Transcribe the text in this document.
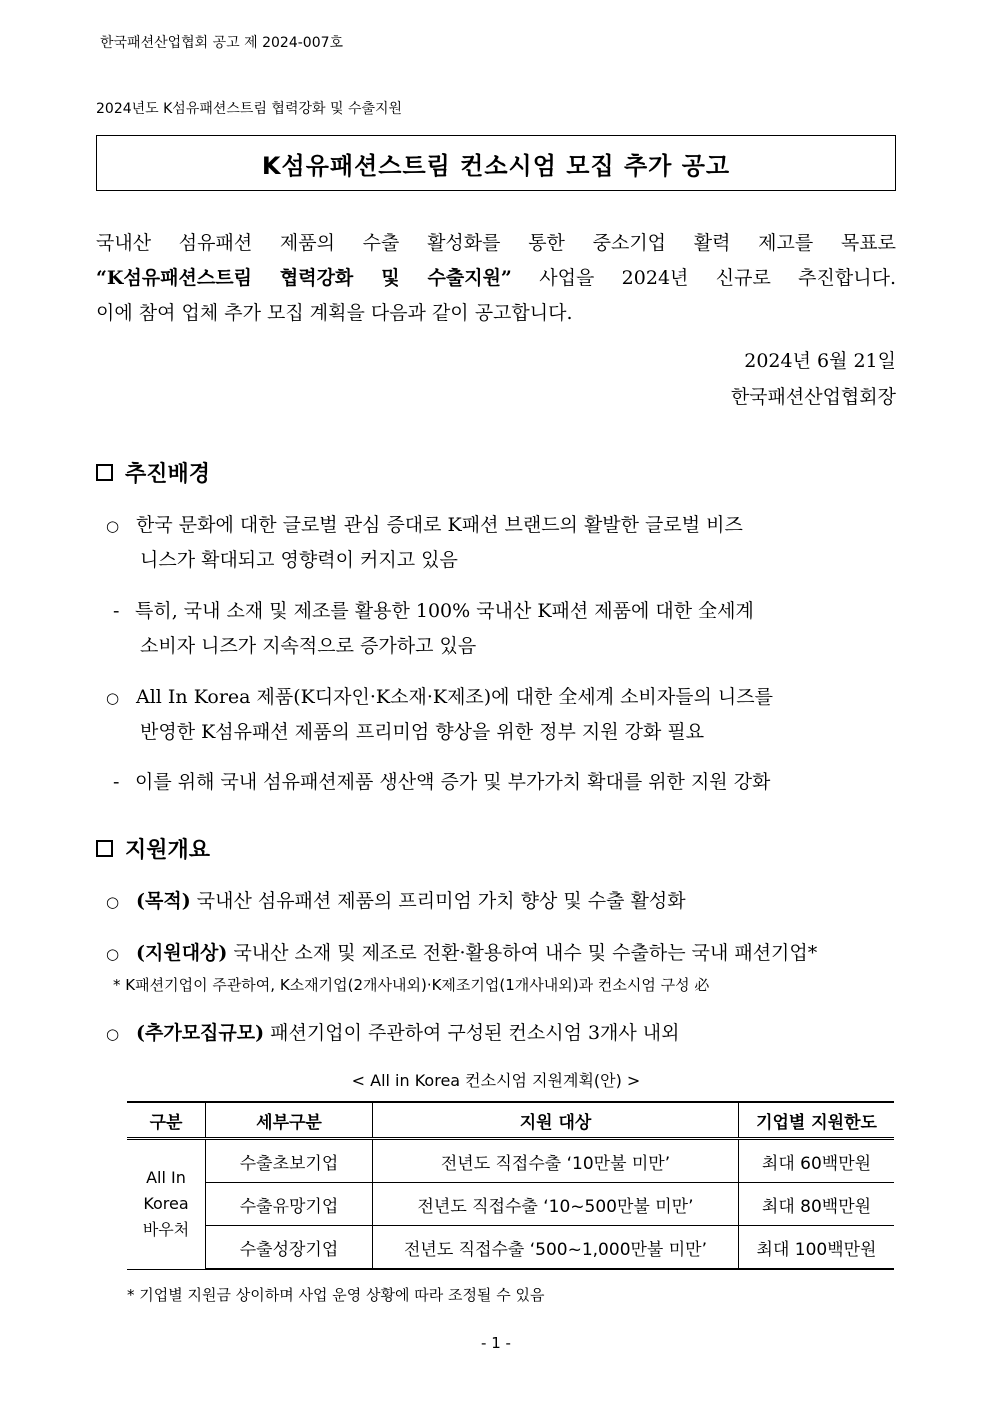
한국패션산업협회 공고 제 2024-007호
2024년도 K섬유패션스트림 협력강화 및 수출지원
K섬유패션스트림 컨소시엄 모집 추가 공고
국내산 섬유패션 제품의 수출 활성화를 통한 중소기업 활력 제고를 목표로
“K섬유패션스트림 협력강화 및 수출지원” 사업을 2024년 신규로 추진합니다.
이에 참여 업체 추가 모집 계획을 다음과 같이 공고합니다.
2024년 6월 21일
한국패션산업협회장
추진배경
○ 한국 문화에 대한 글로벌 관심 증대로 K패션 브랜드의 활발한 글로벌 비즈
니스가 확대되고 영향력이 커지고 있음
- 특히, 국내 소재 및 제조를 활용한 100% 국내산 K패션 제품에 대한 全세계
소비자 니즈가 지속적으로 증가하고 있음
○ All In Korea 제품(K디자인·K소재·K제조)에 대한 全세계 소비자들의 니즈를
반영한 K섬유패션 제품의 프리미엄 향상을 위한 정부 지원 강화 필요
- 이를 위해 국내 섬유패션제품 생산액 증가 및 부가가치 확대를 위한 지원 강화
지원개요
○ (목적) 국내산 섬유패션 제품의 프리미엄 가치 향상 및 수출 활성화
○ (지원대상) 국내산 소재 및 제조로 전환·활용하여 내수 및 수출하는 국내 패션기업*
* K패션기업이 주관하여, K소재기업(2개사내외)·K제조기업(1개사내외)과 컨소시엄 구성 必
○ (추가모집규모) 패션기업이 주관하여 구성된 컨소시엄 3개사 내외
< All in Korea 컨소시엄 지원계획(안) >
구분	세부구분	지원 대상	기업별 지원한도

All In
Korea
바우처	수출초보기업	전년도 직접수출 ‘10만불 미만’	최대 60백만원
	수출유망기업	전년도 직접수출 ‘10~500만불 미만’	최대 80백만원
	수출성장기업	전년도 직접수출 ‘500~1,000만불 미만’	최대 100백만원
* 기업별 지원금 상이하며 사업 운영 상황에 따라 조정될 수 있음
- 1 -
